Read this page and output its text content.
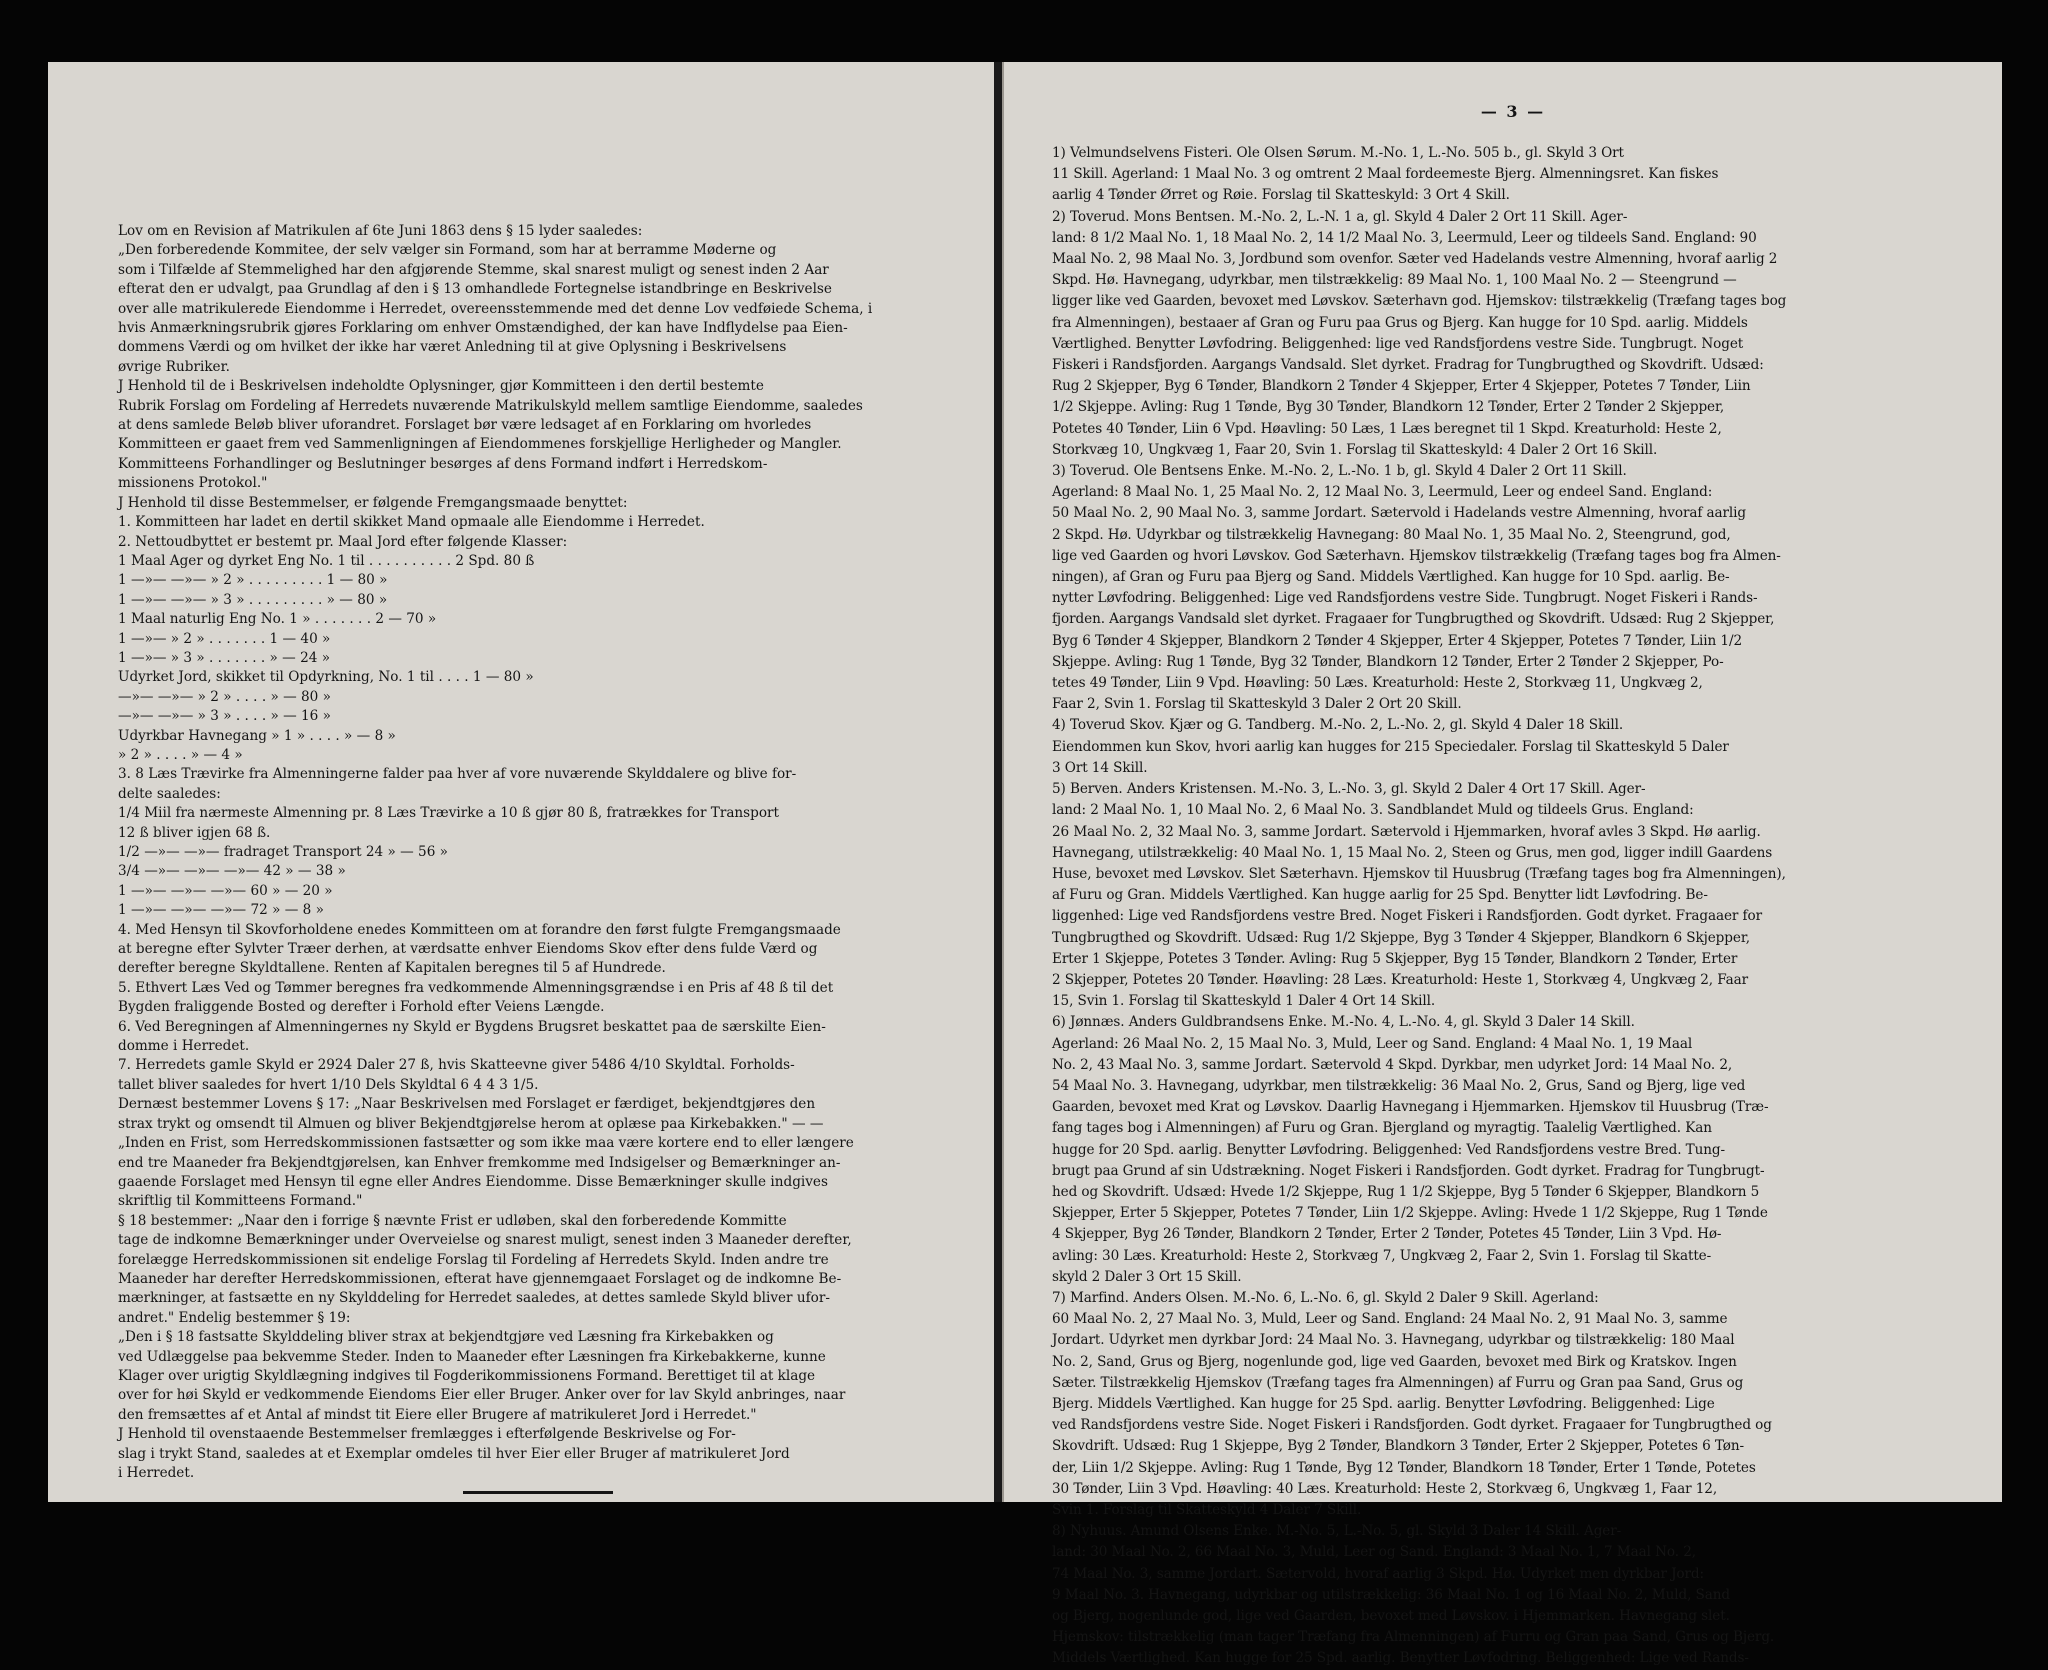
Lov om en Revision af Matrikulen af 6te Juni 1863 dens § 15 lyder saaledes:

„Den forberedende Kommitee, der selv vælger sin Formand, som har at berramme Møderne og

som i Tilfælde af Stemmelighed har den afgjørende Stemme, skal snarest muligt og senest inden 2 Aar

efterat den er udvalgt, paa Grundlag af den i § 13 omhandlede Fortegnelse istandbringe en Beskrivelse

over alle matrikulerede Eiendomme i Herredet, overeensstemmende med det denne Lov vedføiede Schema, i

hvis Anmærkningsrubrik gjøres Forklaring om enhver Omstændighed, der kan have Indflydelse paa Eien-

dommens Værdi og om hvilket der ikke har været Anledning til at give Oplysning i Beskrivelsens

øvrige Rubriker.

J Henhold til de i Beskrivelsen indeholdte Oplysninger, gjør Kommitteen i den dertil bestemte

Rubrik Forslag om Fordeling af Herredets nuværende Matrikulskyld mellem samtlige Eiendomme, saaledes

at dens samlede Beløb bliver uforandret. Forslaget bør være ledsaget af en Forklaring om hvorledes

Kommitteen er gaaet frem ved Sammenligningen af Eiendommenes forskjellige Herligheder og Mangler.

Kommitteens Forhandlinger og Beslutninger besørges af dens Formand indført i Herredskom-

missionens Protokol."

J Henhold til disse Bestemmelser, er følgende Fremgangsmaade benyttet:

1. Kommitteen har ladet en dertil skikket Mand opmaale alle Eiendomme i Herredet.

2. Nettoudbyttet er bestemt pr. Maal Jord efter følgende Klasser:

1 Maal Ager og dyrket Eng No. 1 til . . . . . . . . . . 2 Spd. 80 ß

1 —»— —»— » 2 » . . . . . . . . . 1 — 80 »

1 —»— —»— » 3 » . . . . . . . . . » — 80 »

1 Maal naturlig Eng No. 1 » . . . . . . . 2 — 70 »

1 —»— » 2 » . . . . . . . 1 — 40 »

1 —»— » 3 » . . . . . . . » — 24 »

Udyrket Jord, skikket til Opdyrkning, No. 1 til . . . . 1 — 80 »

—»— —»— » 2 » . . . . » — 80 »

—»— —»— » 3 » . . . . » — 16 »

Udyrkbar Havnegang » 1 » . . . . » — 8 »

» 2 » . . . . » — 4 »

3. 8 Læs Trævirke fra Almenningerne falder paa hver af vore nuværende Skylddalere og blive for-

delte saaledes:

1/4 Miil fra nærmeste Almenning pr. 8 Læs Trævirke a 10 ß gjør 80 ß, fratrækkes for Transport

12 ß bliver igjen 68 ß.

1/2 —»— —»— fradraget Transport 24 » — 56 »

3/4 —»— —»— —»— 42 » — 38 »

1 —»— —»— —»— 60 » — 20 »

1 —»— —»— —»— 72 » — 8 »

4. Med Hensyn til Skovforholdene enedes Kommitteen om at forandre den først fulgte Fremgangsmaade

at beregne efter Sylvter Træer derhen, at værdsatte enhver Eiendoms Skov efter dens fulde Værd og

derefter beregne Skyldtallene. Renten af Kapitalen beregnes til 5 af Hundrede.

5. Ethvert Læs Ved og Tømmer beregnes fra vedkommende Almenningsgrændse i en Pris af 48 ß til det

Bygden fraliggende Bosted og derefter i Forhold efter Veiens Længde.

6. Ved Beregningen af Almenningernes ny Skyld er Bygdens Brugsret beskattet paa de særskilte Eien-

domme i Herredet.

7. Herredets gamle Skyld er 2924 Daler 27 ß, hvis Skatteevne giver 5486 4/10 Skyldtal. Forholds-

tallet bliver saaledes for hvert 1/10 Dels Skyldtal 6 4 4 3 1/5.

Dernæst bestemmer Lovens § 17: „Naar Beskrivelsen med Forslaget er færdiget, bekjendtgjøres den

strax trykt og omsendt til Almuen og bliver Bekjendtgjørelse herom at oplæse paa Kirkebakken." — —

„Inden en Frist, som Herredskommissionen fastsætter og som ikke maa være kortere end to eller længere

end tre Maaneder fra Bekjendtgjørelsen, kan Enhver fremkomme med Indsigelser og Bemærkninger an-

gaaende Forslaget med Hensyn til egne eller Andres Eiendomme. Disse Bemærkninger skulle indgives

skriftlig til Kommitteens Formand."

§ 18 bestemmer: „Naar den i forrige § nævnte Frist er udløben, skal den forberedende Kommitte

tage de indkomne Bemærkninger under Overveielse og snarest muligt, senest inden 3 Maaneder derefter,

forelægge Herredskommissionen sit endelige Forslag til Fordeling af Herredets Skyld. Inden andre tre

Maaneder har derefter Herredskommissionen, efterat have gjennemgaaet Forslaget og de indkomne Be-

mærkninger, at fastsætte en ny Skylddeling for Herredet saaledes, at dettes samlede Skyld bliver ufor-

andret." Endelig bestemmer § 19:

„Den i § 18 fastsatte Skylddeling bliver strax at bekjendtgjøre ved Læsning fra Kirkebakken og

ved Udlæggelse paa bekvemme Steder. Inden to Maaneder efter Læsningen fra Kirkebakkerne, kunne

Klager over urigtig Skyldlægning indgives til Fogderikommissionens Formand. Berettiget til at klage

over for høi Skyld er vedkommende Eiendoms Eier eller Bruger. Anker over for lav Skyld anbringes, naar

den fremsættes af et Antal af mindst tit Eiere eller Brugere af matrikuleret Jord i Herredet."

J Henhold til ovenstaaende Bestemmelser fremlægges i efterfølgende Beskrivelse og For-

slag i trykt Stand, saaledes at et Exemplar omdeles til hver Eier eller Bruger af matrikuleret Jord

i Herredet.

— 3 —

1) Velmundselvens Fisteri. Ole Olsen Sørum. M.-No. 1, L.-No. 505 b., gl. Skyld 3 Ort

11 Skill. Agerland: 1 Maal No. 3 og omtrent 2 Maal fordeemeste Bjerg. Almenningsret. Kan fiskes

aarlig 4 Tønder Ørret og Røie. Forslag til Skatteskyld: 3 Ort 4 Skill.

2) Toverud. Mons Bentsen. M.-No. 2, L.-N. 1 a, gl. Skyld 4 Daler 2 Ort 11 Skill. Ager-

land: 8 1/2 Maal No. 1, 18 Maal No. 2, 14 1/2 Maal No. 3, Leermuld, Leer og tildeels Sand. England: 90

Maal No. 2, 98 Maal No. 3, Jordbund som ovenfor. Sæter ved Hadelands vestre Almenning, hvoraf aarlig 2

Skpd. Hø. Havnegang, udyrkbar, men tilstrækkelig: 89 Maal No. 1, 100 Maal No. 2 — Steengrund —

ligger like ved Gaarden, bevoxet med Løvskov. Sæterhavn god. Hjemskov: tilstrækkelig (Træfang tages bog

fra Almenningen), bestaaer af Gran og Furu paa Grus og Bjerg. Kan hugge for 10 Spd. aarlig. Middels

Værtlighed. Benytter Løvfodring. Beliggenhed: lige ved Randsfjordens vestre Side. Tungbrugt. Noget

Fiskeri i Randsfjorden. Aargangs Vandsald. Slet dyrket. Fradrag for Tungbrugthed og Skovdrift. Udsæd:

Rug 2 Skjepper, Byg 6 Tønder, Blandkorn 2 Tønder 4 Skjepper, Erter 4 Skjepper, Potetes 7 Tønder, Liin

1/2 Skjeppe. Avling: Rug 1 Tønde, Byg 30 Tønder, Blandkorn 12 Tønder, Erter 2 Tønder 2 Skjepper,

Potetes 40 Tønder, Liin 6 Vpd. Høavling: 50 Læs, 1 Læs beregnet til 1 Skpd. Kreaturhold: Heste 2,

Storkvæg 10, Ungkvæg 1, Faar 20, Svin 1. Forslag til Skatteskyld: 4 Daler 2 Ort 16 Skill.

3) Toverud. Ole Bentsens Enke. M.-No. 2, L.-No. 1 b, gl. Skyld 4 Daler 2 Ort 11 Skill.

Agerland: 8 Maal No. 1, 25 Maal No. 2, 12 Maal No. 3, Leermuld, Leer og endeel Sand. England:

50 Maal No. 2, 90 Maal No. 3, samme Jordart. Sætervold i Hadelands vestre Almenning, hvoraf aarlig

2 Skpd. Hø. Udyrkbar og tilstrækkelig Havnegang: 80 Maal No. 1, 35 Maal No. 2, Steengrund, god,

lige ved Gaarden og hvori Løvskov. God Sæterhavn. Hjemskov tilstrækkelig (Træfang tages bog fra Almen-

ningen), af Gran og Furu paa Bjerg og Sand. Middels Værtlighed. Kan hugge for 10 Spd. aarlig. Be-

nytter Løvfodring. Beliggenhed: Lige ved Randsfjordens vestre Side. Tungbrugt. Noget Fiskeri i Rands-

fjorden. Aargangs Vandsald slet dyrket. Fragaaer for Tungbrugthed og Skovdrift. Udsæd: Rug 2 Skjepper,

Byg 6 Tønder 4 Skjepper, Blandkorn 2 Tønder 4 Skjepper, Erter 4 Skjepper, Potetes 7 Tønder, Liin 1/2

Skjeppe. Avling: Rug 1 Tønde, Byg 32 Tønder, Blandkorn 12 Tønder, Erter 2 Tønder 2 Skjepper, Po-

tetes 49 Tønder, Liin 9 Vpd. Høavling: 50 Læs. Kreaturhold: Heste 2, Storkvæg 11, Ungkvæg 2,

Faar 2, Svin 1. Forslag til Skatteskyld 3 Daler 2 Ort 20 Skill.

4) Toverud Skov. Kjær og G. Tandberg. M.-No. 2, L.-No. 2, gl. Skyld 4 Daler 18 Skill.

Eiendommen kun Skov, hvori aarlig kan hugges for 215 Speciedaler. Forslag til Skatteskyld 5 Daler

3 Ort 14 Skill.

5) Berven. Anders Kristensen. M.-No. 3, L.-No. 3, gl. Skyld 2 Daler 4 Ort 17 Skill. Ager-

land: 2 Maal No. 1, 10 Maal No. 2, 6 Maal No. 3. Sandblandet Muld og tildeels Grus. England:

26 Maal No. 2, 32 Maal No. 3, samme Jordart. Sætervold i Hjemmarken, hvoraf avles 3 Skpd. Hø aarlig.

Havnegang, utilstrækkelig: 40 Maal No. 1, 15 Maal No. 2, Steen og Grus, men god, ligger indill Gaardens

Huse, bevoxet med Løvskov. Slet Sæterhavn. Hjemskov til Huusbrug (Træfang tages bog fra Almenningen),

af Furu og Gran. Middels Værtlighed. Kan hugge aarlig for 25 Spd. Benytter lidt Løvfodring. Be-

liggenhed: Lige ved Randsfjordens vestre Bred. Noget Fiskeri i Randsfjorden. Godt dyrket. Fragaaer for

Tungbrugthed og Skovdrift. Udsæd: Rug 1/2 Skjeppe, Byg 3 Tønder 4 Skjepper, Blandkorn 6 Skjepper,

Erter 1 Skjeppe, Potetes 3 Tønder. Avling: Rug 5 Skjepper, Byg 15 Tønder, Blandkorn 2 Tønder, Erter

2 Skjepper, Potetes 20 Tønder. Høavling: 28 Læs. Kreaturhold: Heste 1, Storkvæg 4, Ungkvæg 2, Faar

15, Svin 1. Forslag til Skatteskyld 1 Daler 4 Ort 14 Skill.

6) Jønnæs. Anders Guldbrandsens Enke. M.-No. 4, L.-No. 4, gl. Skyld 3 Daler 14 Skill.

Agerland: 26 Maal No. 2, 15 Maal No. 3, Muld, Leer og Sand. England: 4 Maal No. 1, 19 Maal

No. 2, 43 Maal No. 3, samme Jordart. Sætervold 4 Skpd. Dyrkbar, men udyrket Jord: 14 Maal No. 2,

54 Maal No. 3. Havnegang, udyrkbar, men tilstrækkelig: 36 Maal No. 2, Grus, Sand og Bjerg, lige ved

Gaarden, bevoxet med Krat og Løvskov. Daarlig Havnegang i Hjemmarken. Hjemskov til Huusbrug (Træ-

fang tages bog i Almenningen) af Furu og Gran. Bjergland og myragtig. Taalelig Værtlighed. Kan

hugge for 20 Spd. aarlig. Benytter Løvfodring. Beliggenhed: Ved Randsfjordens vestre Bred. Tung-

brugt paa Grund af sin Udstrækning. Noget Fiskeri i Randsfjorden. Godt dyrket. Fradrag for Tungbrugt-

hed og Skovdrift. Udsæd: Hvede 1/2 Skjeppe, Rug 1 1/2 Skjeppe, Byg 5 Tønder 6 Skjepper, Blandkorn 5

Skjepper, Erter 5 Skjepper, Potetes 7 Tønder, Liin 1/2 Skjeppe. Avling: Hvede 1 1/2 Skjeppe, Rug 1 Tønde

4 Skjepper, Byg 26 Tønder, Blandkorn 2 Tønder, Erter 2 Tønder, Potetes 45 Tønder, Liin 3 Vpd. Hø-

avling: 30 Læs. Kreaturhold: Heste 2, Storkvæg 7, Ungkvæg 2, Faar 2, Svin 1. Forslag til Skatte-

skyld 2 Daler 3 Ort 15 Skill.

7) Marfind. Anders Olsen. M.-No. 6, L.-No. 6, gl. Skyld 2 Daler 9 Skill. Agerland:

60 Maal No. 2, 27 Maal No. 3, Muld, Leer og Sand. England: 24 Maal No. 2, 91 Maal No. 3, samme

Jordart. Udyrket men dyrkbar Jord: 24 Maal No. 3. Havnegang, udyrkbar og tilstrækkelig: 180 Maal

No. 2, Sand, Grus og Bjerg, nogenlunde god, lige ved Gaarden, bevoxet med Birk og Kratskov. Ingen

Sæter. Tilstrækkelig Hjemskov (Træfang tages fra Almenningen) af Furru og Gran paa Sand, Grus og

Bjerg. Middels Værtlighed. Kan hugge for 25 Spd. aarlig. Benytter Løvfodring. Beliggenhed: Lige

ved Randsfjordens vestre Side. Noget Fiskeri i Randsfjorden. Godt dyrket. Fragaaer for Tungbrugthed og

Skovdrift. Udsæd: Rug 1 Skjeppe, Byg 2 Tønder, Blandkorn 3 Tønder, Erter 2 Skjepper, Potetes 6 Tøn-

der, Liin 1/2 Skjeppe. Avling: Rug 1 Tønde, Byg 12 Tønder, Blandkorn 18 Tønder, Erter 1 Tønde, Potetes

30 Tønder, Liin 3 Vpd. Høavling: 40 Læs. Kreaturhold: Heste 2, Storkvæg 6, Ungkvæg 1, Faar 12,

Svin 1. Forslag til Skatteskyld 4 Daler 7 Skill.

8) Nyhuus. Amund Olsens Enke. M.-No. 5, L.-No. 5, gl. Skyld 3 Daler 14 Skill. Ager-

land: 30 Maal No. 2, 66 Maal No. 3, Muld, Leer og Sand. England: 3 Maal No. 1, 7 Maal No. 2,

74 Maal No. 3, samme Jordart. Sætervold, hvoraf aarlig 3 Skpd. Hø. Udyrket men dyrkbar Jord:

9 Maal No. 3. Havnegang, udyrkbar og utilstrækkelig: 36 Maal No. 1 og 16 Maal No. 2, Muld, Sand

og Bjerg, nogenlunde god, lige ved Gaarden, bevoxet med Løvskov. i Hjemmarken. Havnegang slet.

Hjemskov: tilstrækkelig (man tager Træfang fra Almenningen) af Furru og Gran paa Sand, Grus og Bjerg.

Middels Værtlighed. Kan hugge for 25 Spd. aarlig. Benytter Løvfodring. Beliggenhed: Lige ved Rands-
